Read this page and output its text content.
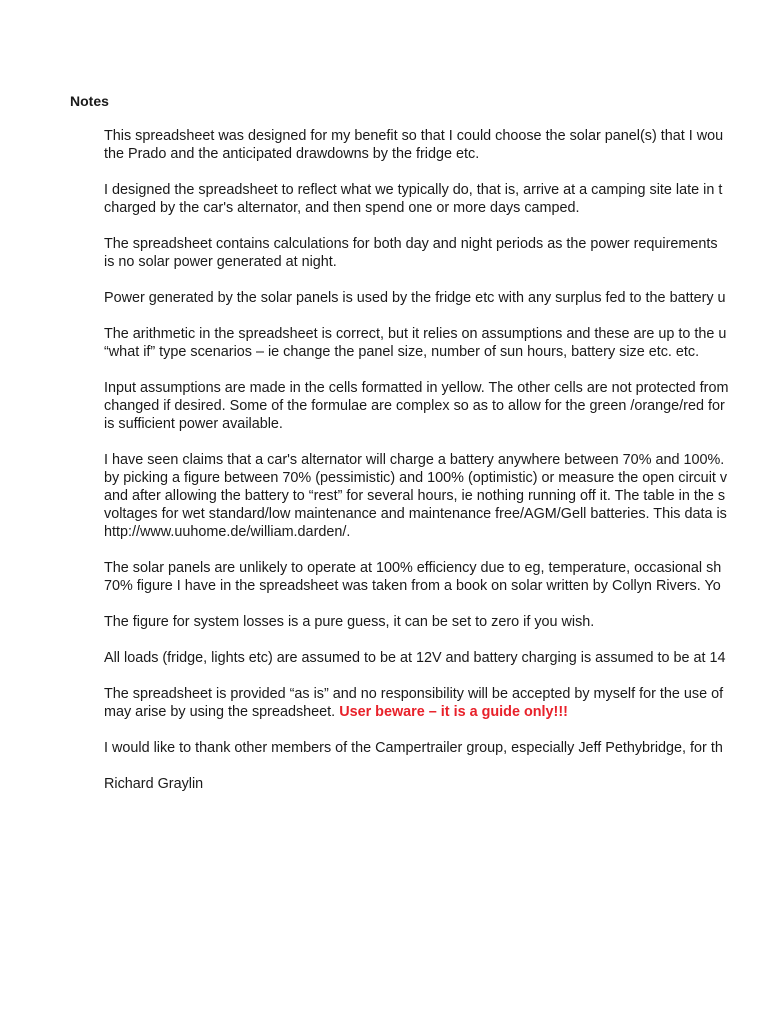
Notes

This spreadsheet was designed for my benefit so that I could choose the solar panel(s) that I wou
the Prado and the anticipated drawdowns by the fridge etc.

I designed the spreadsheet to reflect what we typically do, that is, arrive at a camping site late in t
charged by the car's alternator, and then spend one or more days camped.

The spreadsheet contains calculations for both day and night periods as the power requirements
is no solar power generated at night.

Power generated by the solar panels is used by the fridge etc with any surplus fed to the battery u

The arithmetic in the spreadsheet is correct, but it relies on assumptions and these are up to the u
“what if” type scenarios – ie change the panel size, number of sun hours, battery size etc. etc.

Input assumptions are made in the cells formatted in yellow. The other cells are not protected from
changed if desired. Some of the formulae are complex so as to allow for the green /orange/red for
is sufficient power available.

I have seen claims that a car's alternator will charge a battery anywhere between 70% and 100%.
by picking a figure between 70% (pessimistic) and 100% (optimistic) or measure the open circuit v
and after allowing the battery to “rest” for several hours, ie nothing running off it. The table in the s
voltages for wet standard/low maintenance and maintenance free/AGM/Gell batteries. This data is
http://www.uuhome.de/william.darden/.

The solar panels are unlikely to operate at 100% efficiency due to eg, temperature, occasional sh
70% figure I have in the spreadsheet was taken from a book on solar written by Collyn Rivers. Yo

The figure for system losses is a pure guess, it can be set to zero if you wish.

All loads (fridge, lights etc) are assumed to be at 12V and battery charging is assumed to be at 14

The spreadsheet is provided “as is” and no responsibility will be accepted by myself for the use of
may arise by using the spreadsheet. User beware – it is a guide only!!!

I would like to thank other members of the Campertrailer group, especially Jeff Pethybridge, for th

Richard Graylin
